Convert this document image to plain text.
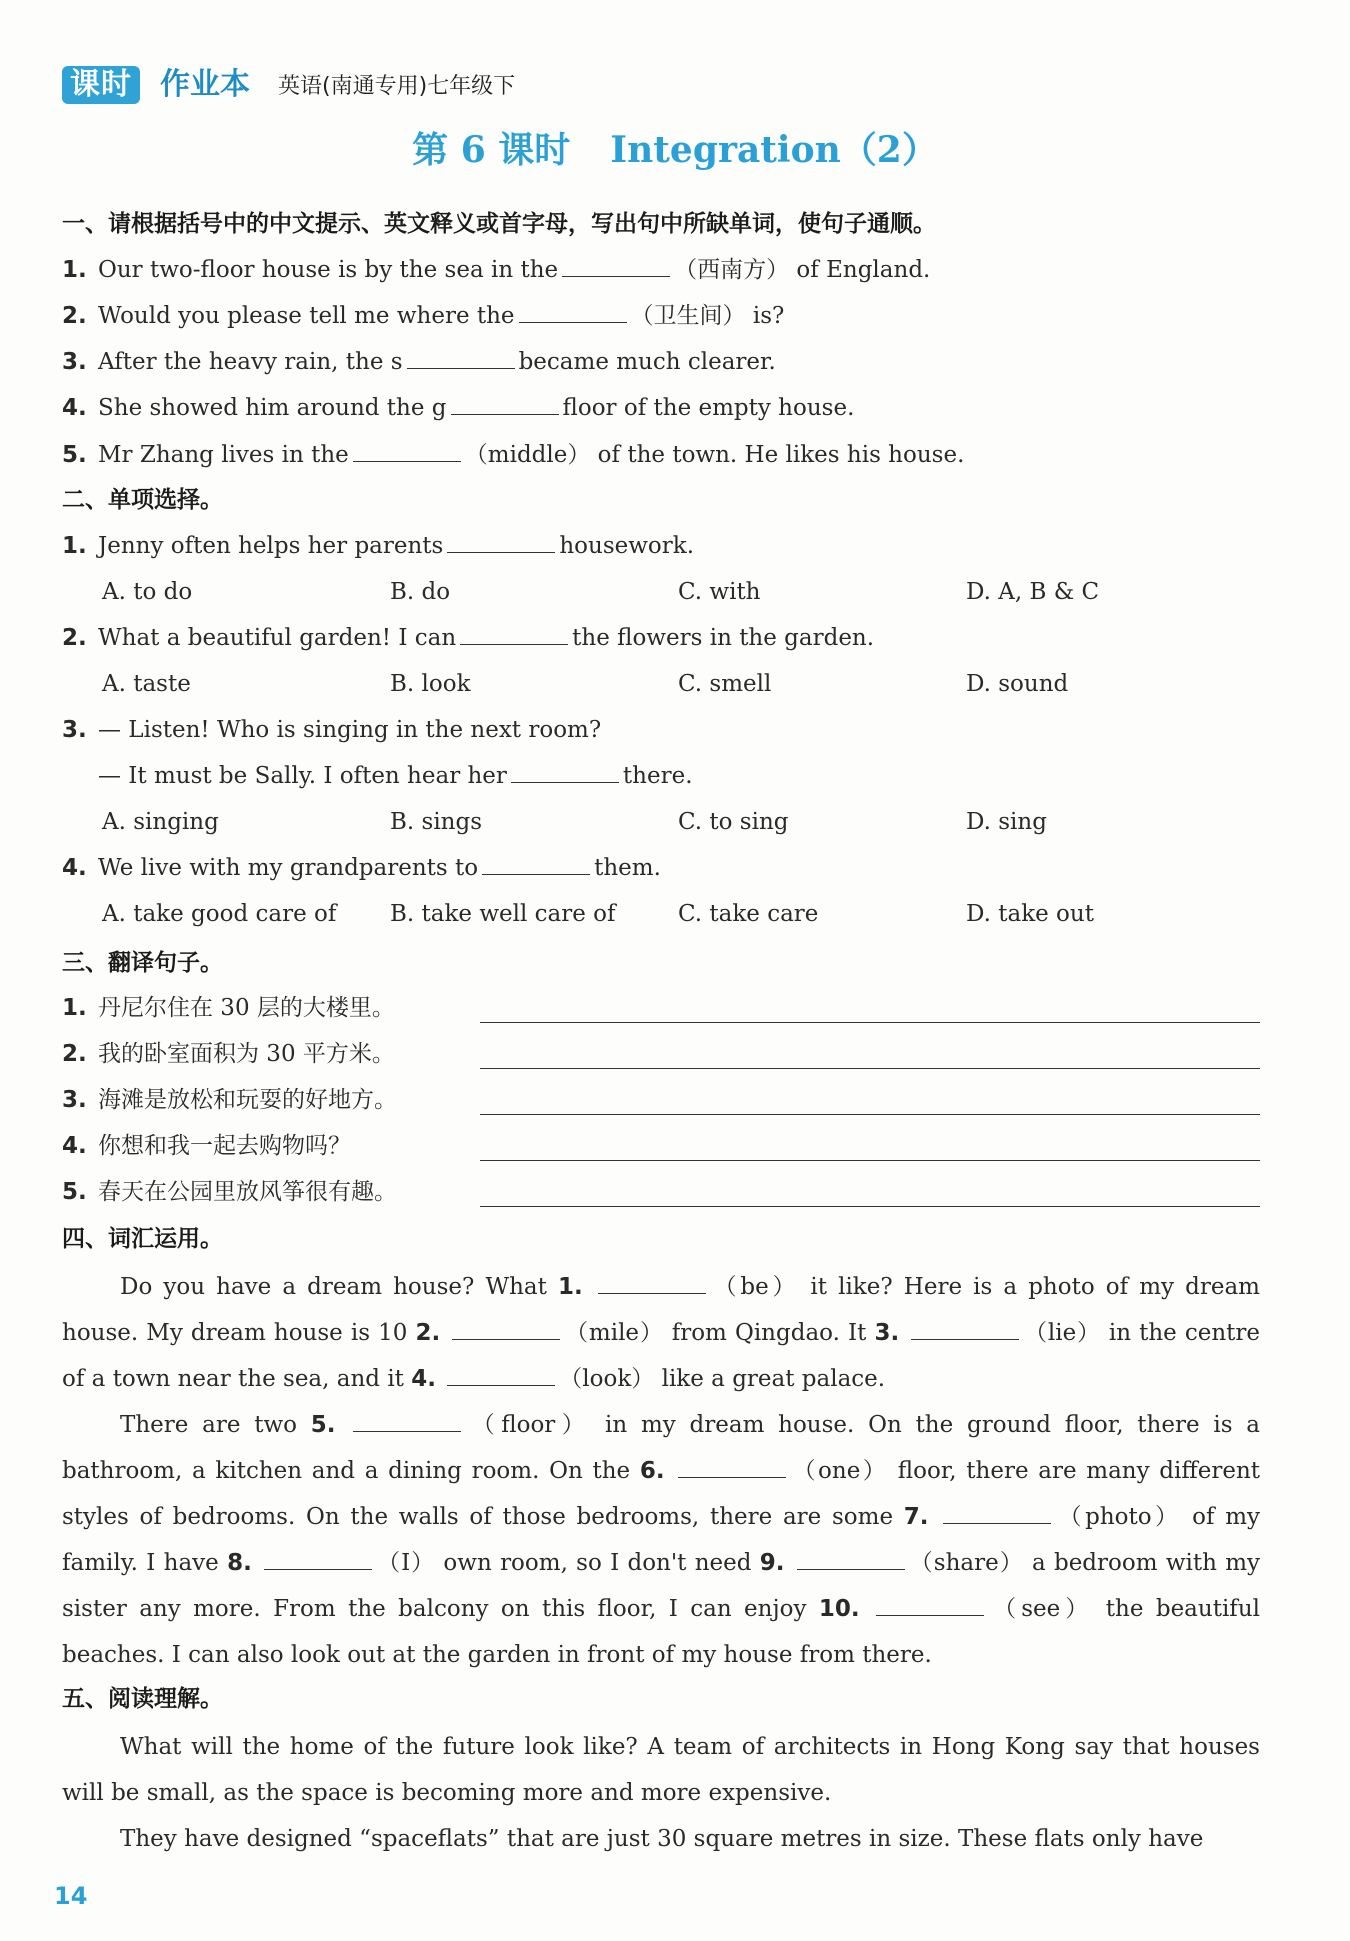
课时 作业本 英语(南通专用)七年级下
第 6 课时 Integration（2）
一、请根据括号中的中文提示、英文释义或首字母，写出句中所缺单词，使句子通顺。
1. Our two-floor house is by the sea in the	（西南方） of England.
2. Would you please tell me where the	（卫生间） is?
3. After the heavy rain, the s	became much clearer.
4. She showed him around the g	floor of the empty house.
5. Mr Zhang lives in the	（middle） of the town. He likes his house.
二、单项选择。
1. Jenny often helps her parents	housework.
A. to do	B. do	C. with	D. A, B & C
2. What a beautiful garden! I can	the flowers in the garden.
A. taste	B. look	C. smell	D. sound
3. — Listen! Who is singing in the next room?
— It must be Sally. I often hear her	there.
A. singing	B. sings	C. to sing	D. sing
4. We live with my grandparents to	them.
A. take good care of B. take well care of	C. take care	D. take out
三、翻译句子。
1. 丹尼尔住在 30 层的大楼里。
2. 我的卧室面积为 30 平方米。
3. 海滩是放松和玩耍的好地方。
4. 你想和我一起去购物吗？
5. 春天在公园里放风筝很有趣。
四、词汇运用。

Do you have a dream house? What 1.	（be） it like? Here is a photo of my dream house. My dream house is 10 2.	（mile） from Qingdao. It 3.	（lie） in the centre of a town near the sea, and it 4.	（look） like a great palace.

There are two 5.	（floor） in my dream house. On the ground floor, there is a bathroom, a kitchen and a dining room. On the 6.	（one） floor, there are many different styles of bedrooms. On the walls of those bedrooms, there are some 7.	（photo） of my family. I have 8.	（I） own room, so I don't need 9.	（share） a bedroom with my sister any more. From the balcony on this floor, I can enjoy 10.	（see） the beautiful beaches. I can also look out at the garden in front of my house from there.

五、阅读理解。

What will the home of the future look like? A team of architects in Hong Kong say that houses will be small, as the space is becoming more and more expensive.

They have designed “spaceflats” that are just 30 square metres in size. These flats only have

14
